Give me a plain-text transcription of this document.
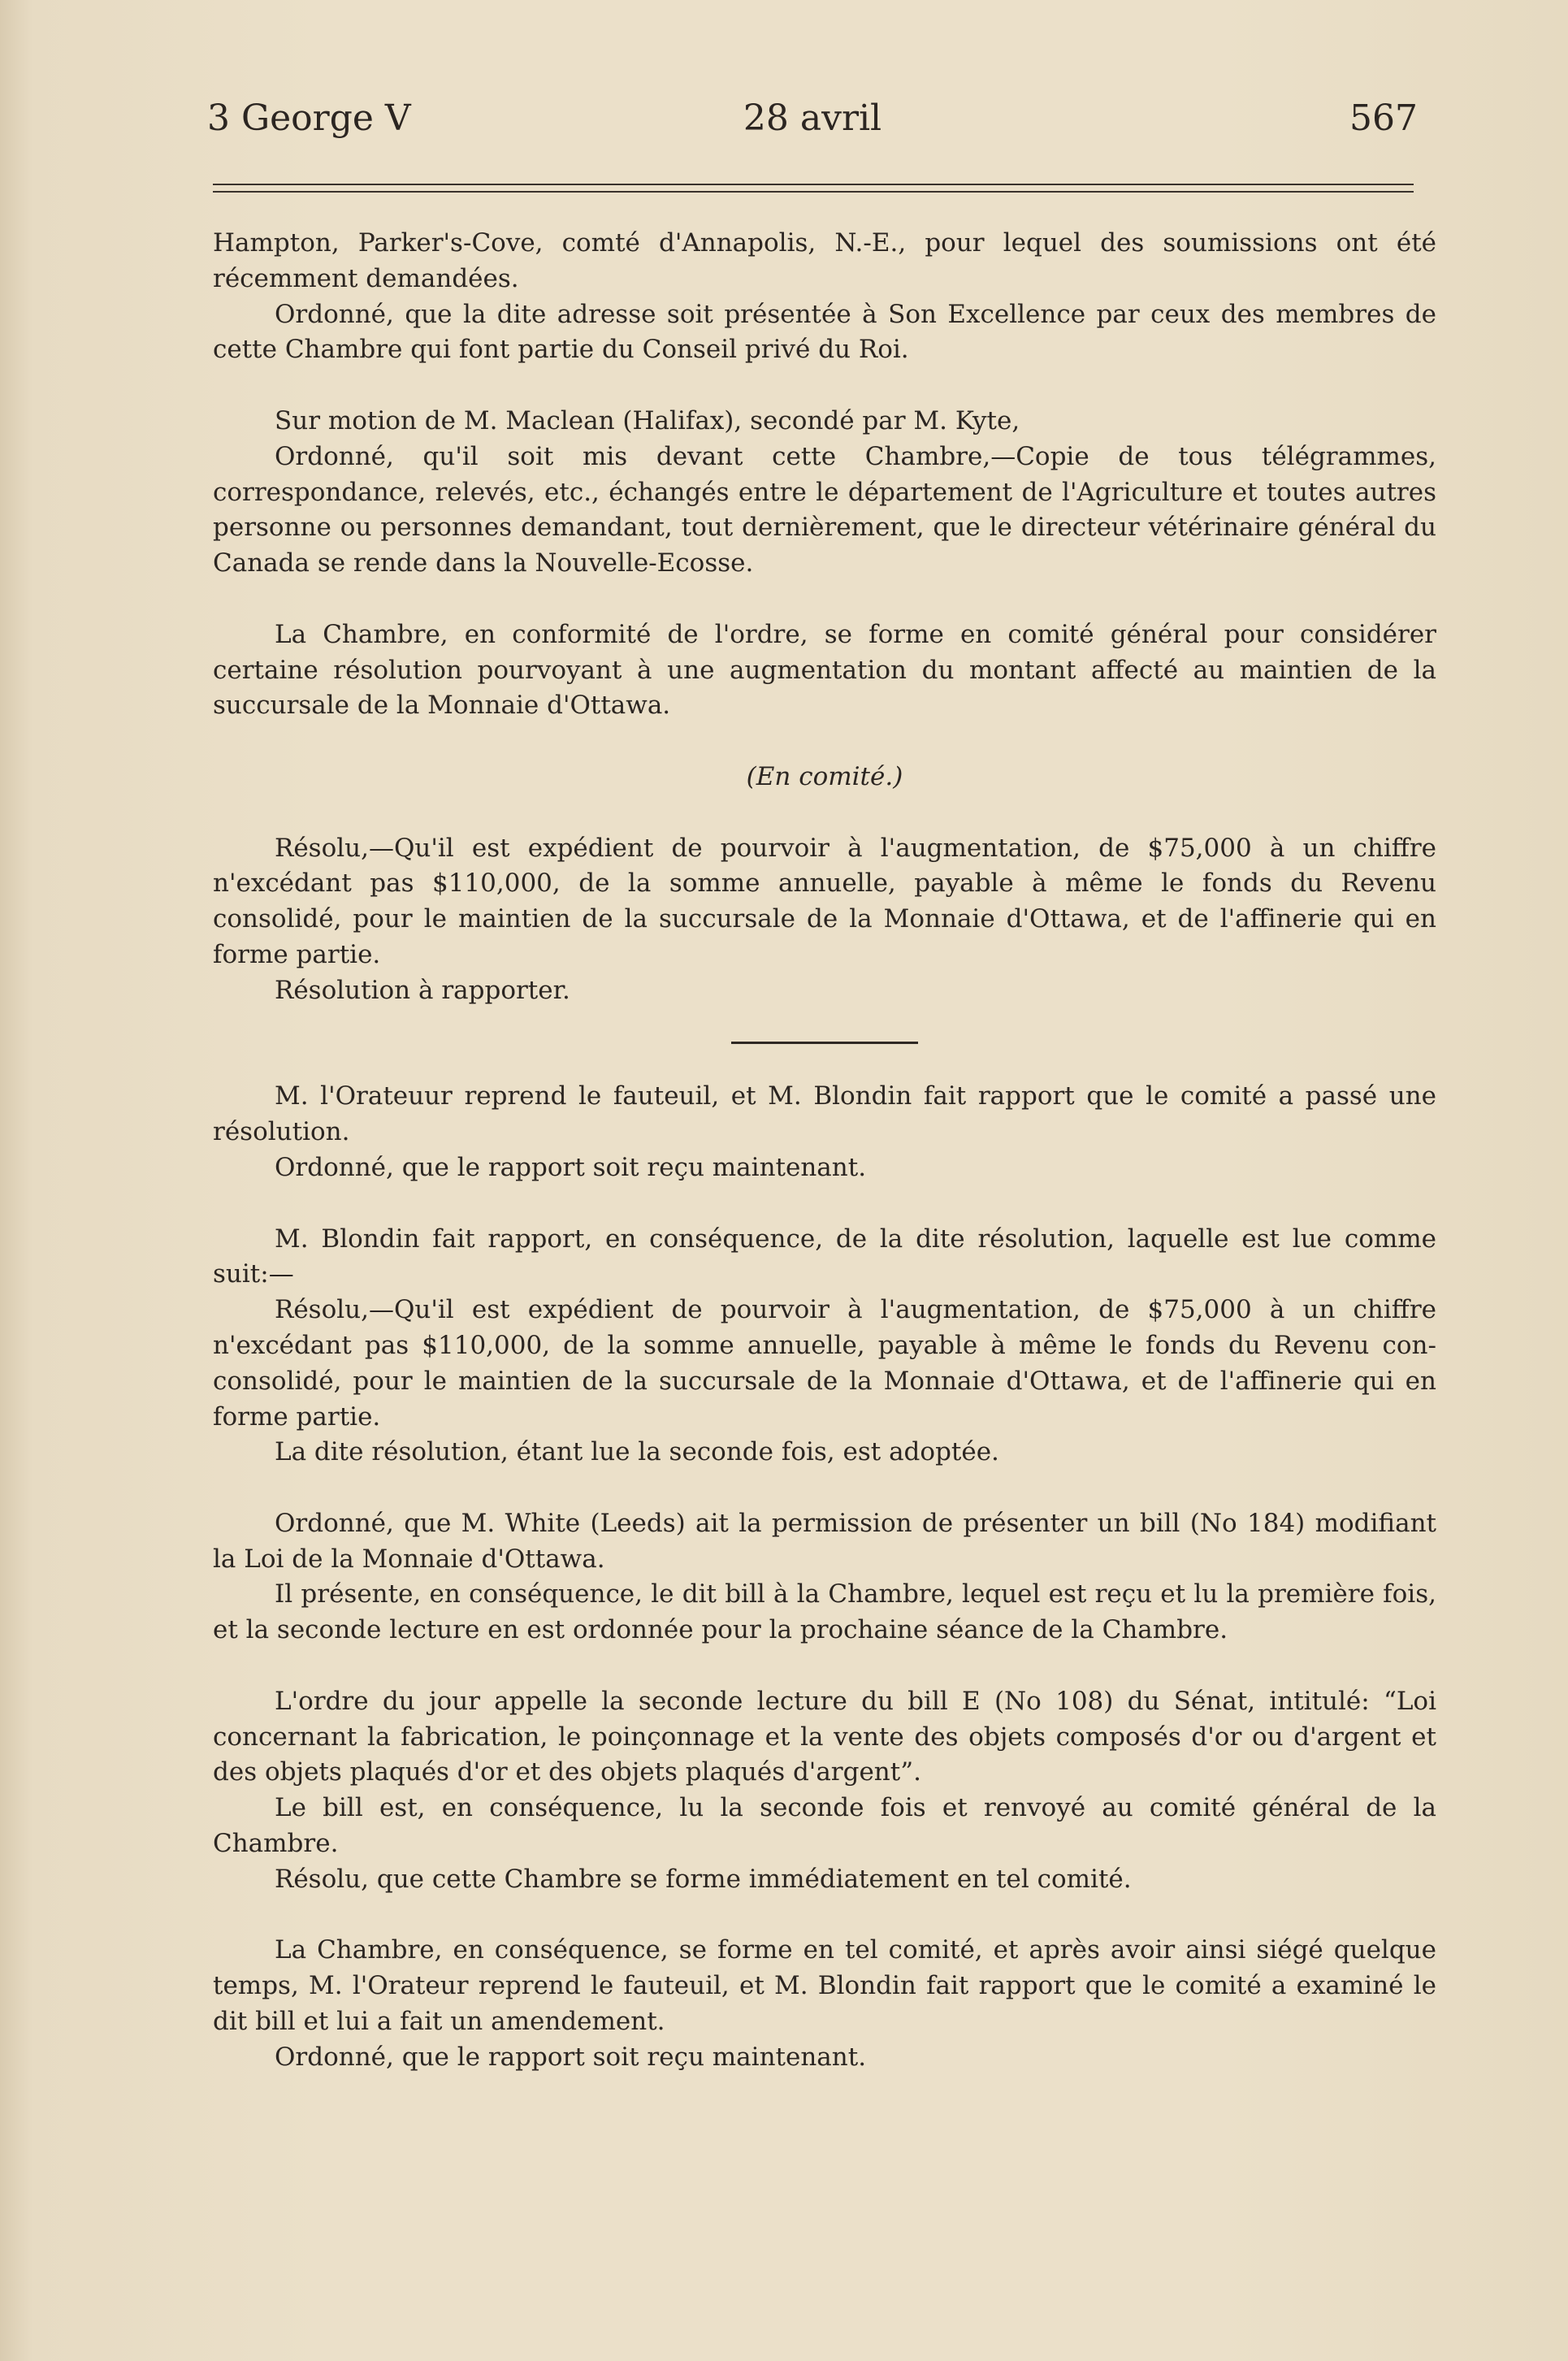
3 George V	28 avril	567

Hampton, Parker's-Cove, comté d'Annapolis, N.-E., pour lequel des soumissions ont été récemment demandées.

Ordonné, que la dite adresse soit présentée à Son Excellence par ceux des membres de cette Chambre qui font partie du Conseil privé du Roi.

Sur motion de M. Maclean (Halifax), secondé par M. Kyte,

Ordonné, qu'il soit mis devant cette Chambre,—Copie de tous télégrammes, correspondance, relevés, etc., échangés entre le département de l'Agriculture et toutes autres personne ou personnes demandant, tout dernièrement, que le directeur vétérinaire général du Canada se rende dans la Nouvelle-Ecosse.

La Chambre, en conformité de l'ordre, se forme en comité général pour considérer certaine résolution pourvoyant à une augmentation du montant affecté au maintien de la succursale de la Monnaie d'Ottawa.

(En comité.)

Résolu,—Qu'il est expédient de pourvoir à l'augmentation, de $75,000 à un chiffre n'excédant pas $110,000, de la somme annuelle, payable à même le fonds du Revenu consolidé, pour le maintien de la succursale de la Monnaie d'Ottawa, et de l'affinerie qui en forme partie.

Résolution à rapporter.

M. l'Orateuur reprend le fauteuil, et M. Blondin fait rapport que le comité a passé une résolution.

Ordonné, que le rapport soit reçu maintenant.

M. Blondin fait rapport, en conséquence, de la dite résolution, laquelle est lue comme suit:—

Résolu,—Qu'il est expédient de pourvoir à l'augmentation, de $75,000 à un chiffre n'excédant pas $110,000, de la somme annuelle, payable à même le fonds du Revenu con-consolidé, pour le maintien de la succursale de la Monnaie d'Ottawa, et de l'affinerie qui en forme partie.

La dite résolution, étant lue la seconde fois, est adoptée.

Ordonné, que M. White (Leeds) ait la permission de présenter un bill (No 184) modifiant la Loi de la Monnaie d'Ottawa.

Il présente, en conséquence, le dit bill à la Chambre, lequel est reçu et lu la première fois, et la seconde lecture en est ordonnée pour la prochaine séance de la Chambre.

L'ordre du jour appelle la seconde lecture du bill E (No 108) du Sénat, intitulé: “Loi concernant la fabrication, le poinçonnage et la vente des objets composés d'or ou d'argent et des objets plaqués d'or et des objets plaqués d'argent”.

Le bill est, en conséquence, lu la seconde fois et renvoyé au comité général de la Chambre.

Résolu, que cette Chambre se forme immédiatement en tel comité.

La Chambre, en conséquence, se forme en tel comité, et après avoir ainsi siégé quelque temps, M. l'Orateur reprend le fauteuil, et M. Blondin fait rapport que le comité a examiné le dit bill et lui a fait un amendement.

Ordonné, que le rapport soit reçu maintenant.
